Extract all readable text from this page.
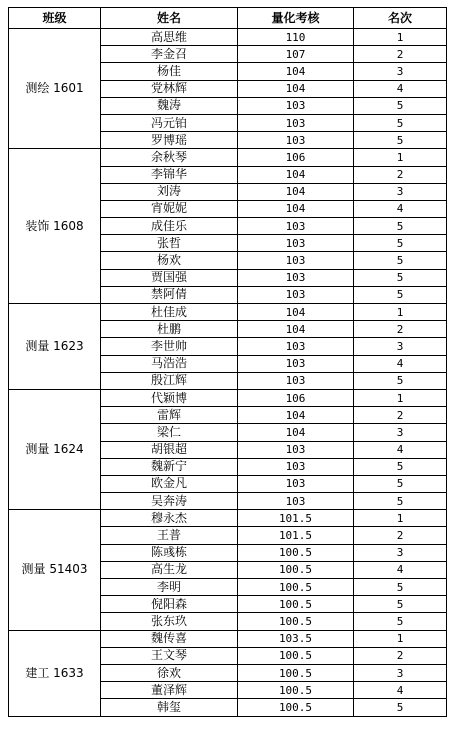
班级	姓名	量化考核	名次
测绘 1601	高思维	110	1
	李金召	107	2
	杨佳	104	3
	党林辉	104	4
	魏涛	103	5
	冯元铂	103	5
	罗博瑶	103	5
装饰 1608	余秋琴	106	1
	李锦华	104	2
	刘涛	104	3
	宵妮妮	104	4
	成佳乐	103	5
	张哲	103	5
	杨欢	103	5
	贾国强	103	5
	禁阿倩	103	5
测量 1623	杜佳成	104	1
	杜鹏	104	2
	李世帅	103	3
	马浩浩	103	4
	殷江辉	103	5
测量 1624	代颖博	106	1
	雷辉	104	2
	梁仁	104	3
	胡银超	103	4
	魏新宁	103	5
	欧金凡	103	5
	吴奔涛	103	5
测量 51403	穆永杰	101.5	1
	王普	101.5	2
	陈彧栋	100.5	3
	高生龙	100.5	4
	李明	100.5	5
	倪阳森	100.5	5
	张东玖	100.5	5
建工 1633	魏传喜	103.5	1
	王文琴	100.5	2
	徐欢	100.5	3
	董泽辉	100.5	4
	韩玺	100.5	5
